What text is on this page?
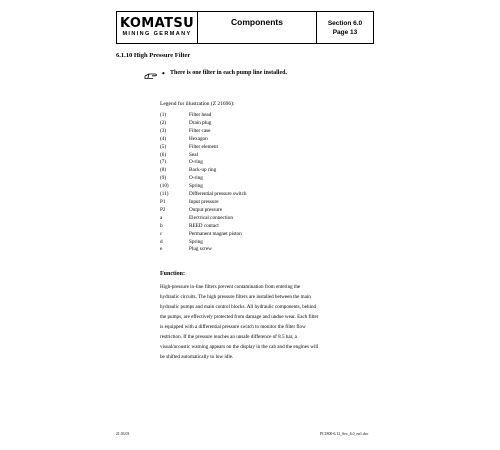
KOMATSU
MINING GERMANY
Components	Section 6.0
Page 13
6.1.10 High Pressure Filter
• There is one filter in each pump line installed.
Legend for illustration (Z 21696):
(1)	Filter head
(2)	Drain plug
(3)	Filter case
(4)	Hexagon
(5)	Filter element
(6)	Seal
(7)	O-ring
(8)	Back-up ring
(9)	O-ring
(10)	Spring
(11)	Differential pressure switch
P1	Input pressure
P2	Output pressure
a	Electrical connection
b	REED contact
c	Permanent magnet piston
d	Spring
e	Plug screw
Function:
High-pressure in-line filters prevent contamination from entering the
hydraulic circuits. The high pressure filters are installed between the main
hydraulic pumps and main control blocks. All hydraulic components, behind
the pumps, are effectively protected from damage and undue wear. Each filter
is equipped with a differential pressure switch to monitor the filter flow
restriction. If the pressure reaches an unsafe difference of 8.5 bar, a
visual/acoustic warning appears on the display in the cab and the engines will
be shifted automatically to low idle.
21.03.03	PC1800-6.12_Ser._6.0_en1.doc
